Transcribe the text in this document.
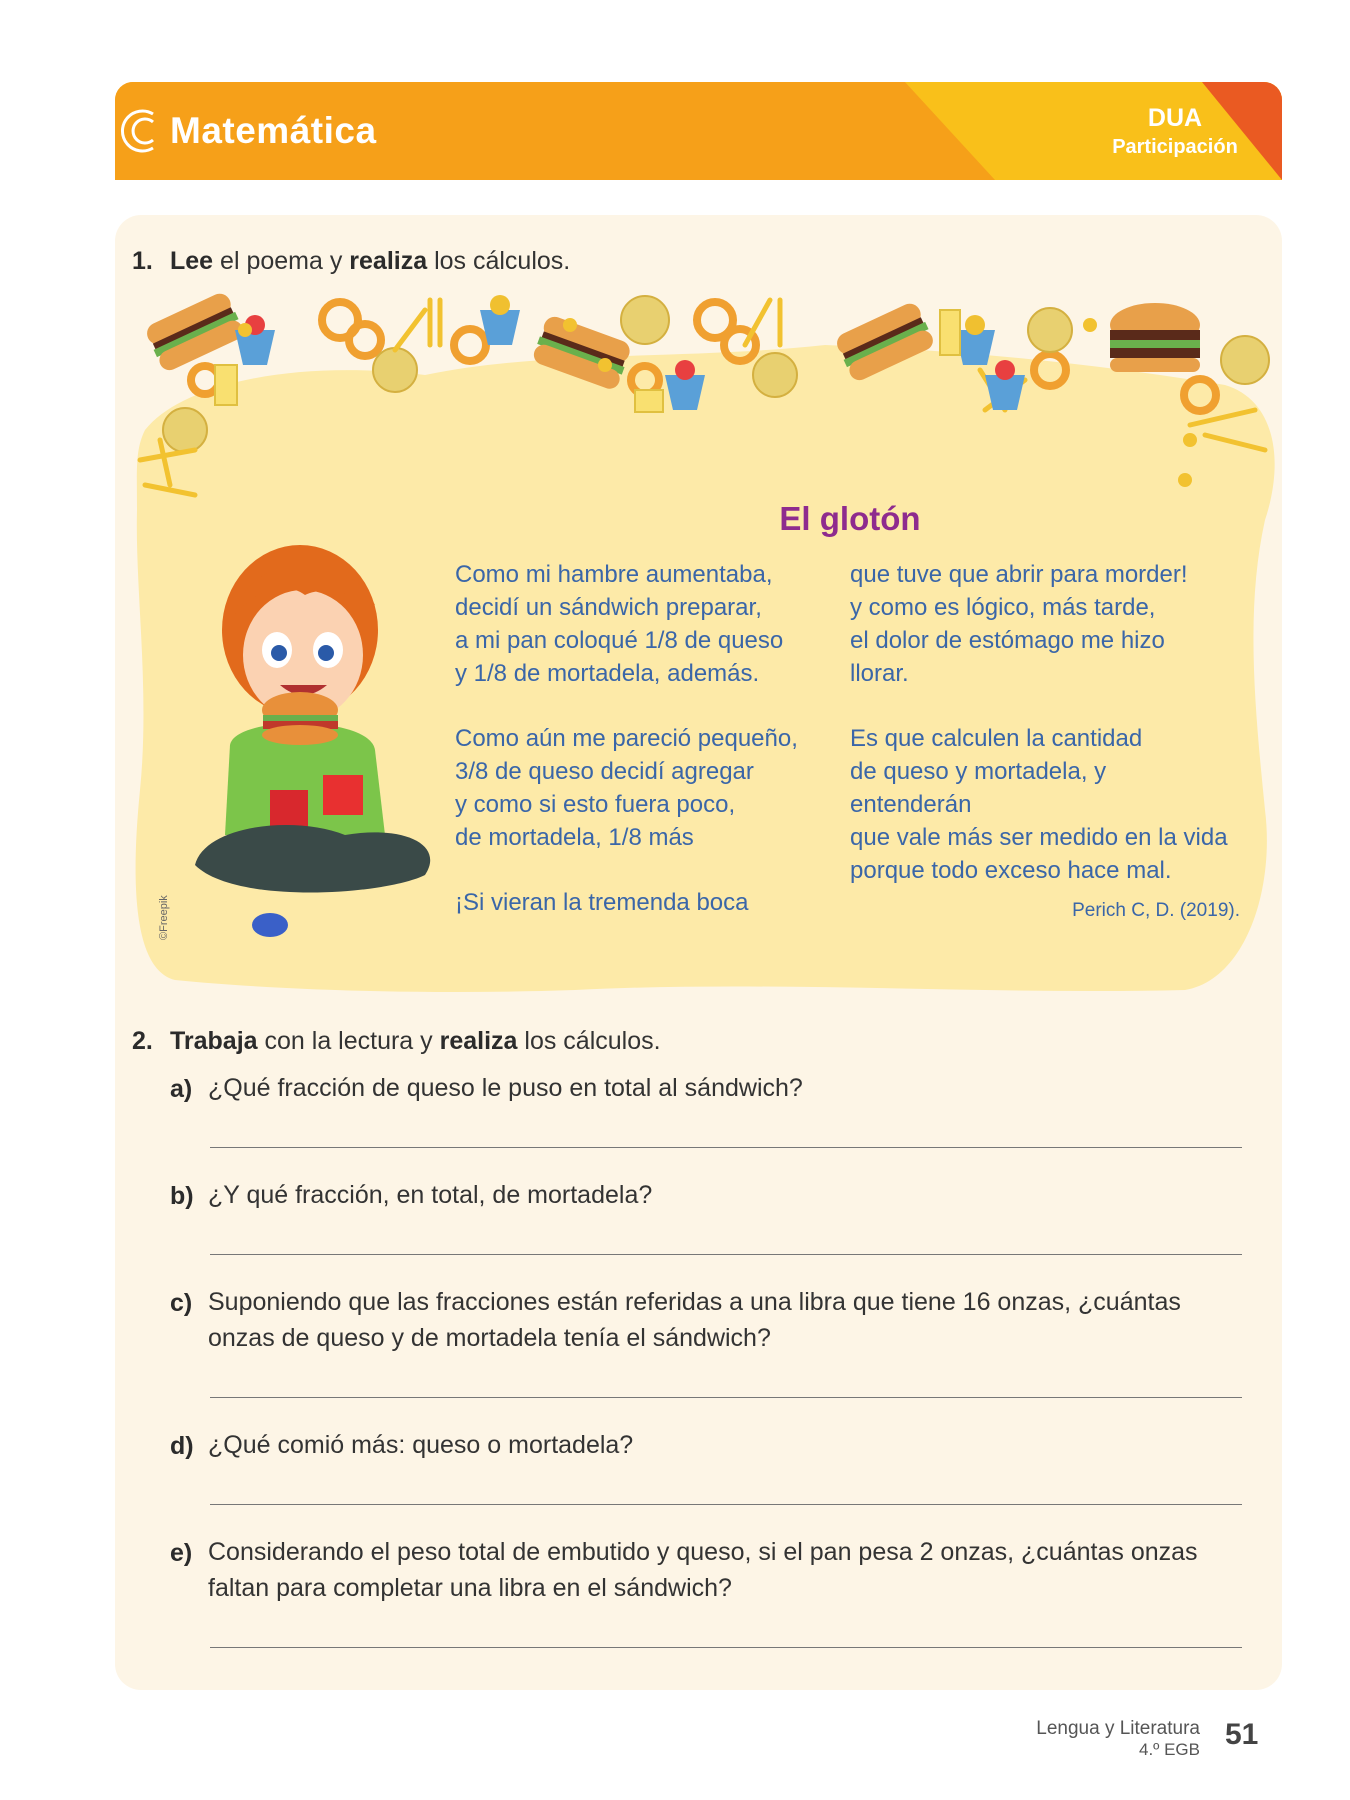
Matemática	DUA
Participación
1. Lee el poema y realiza los cálculos.
©Freepik
El glotón
Como mi hambre aumentaba,
decidí un sándwich preparar,
a mi pan coloqué 1/8 de queso
y 1/8 de mortadela, además.
Como aún me pareció pequeño,
3/8 de queso decidí agregar
y como si esto fuera poco,
de mortadela, 1/8 más
¡Si vieran la tremenda boca
que tuve que abrir para morder!
y como es lógico, más tarde,
el dolor de estómago me hizo
llorar.
Es que calculen la cantidad
de queso y mortadela, y
entenderán
que vale más ser medido en la vida
porque todo exceso hace mal.
Perich C, D. (2019).
2. Trabaja con la lectura y realiza los cálculos.
a) ¿Qué fracción de queso le puso en total al sándwich?
b) ¿Y qué fracción, en total, de mortadela?
c) Suponiendo que las fracciones están referidas a una libra que tiene 16 onzas, ¿cuántas onzas de queso y de mortadela tenía el sándwich?
d) ¿Qué comió más: queso o mortadela?
e) Considerando el peso total de embutido y queso, si el pan pesa 2 onzas, ¿cuántas onzas faltan para completar una libra en el sándwich?
Lengua y Literatura
4.º EGB 51
